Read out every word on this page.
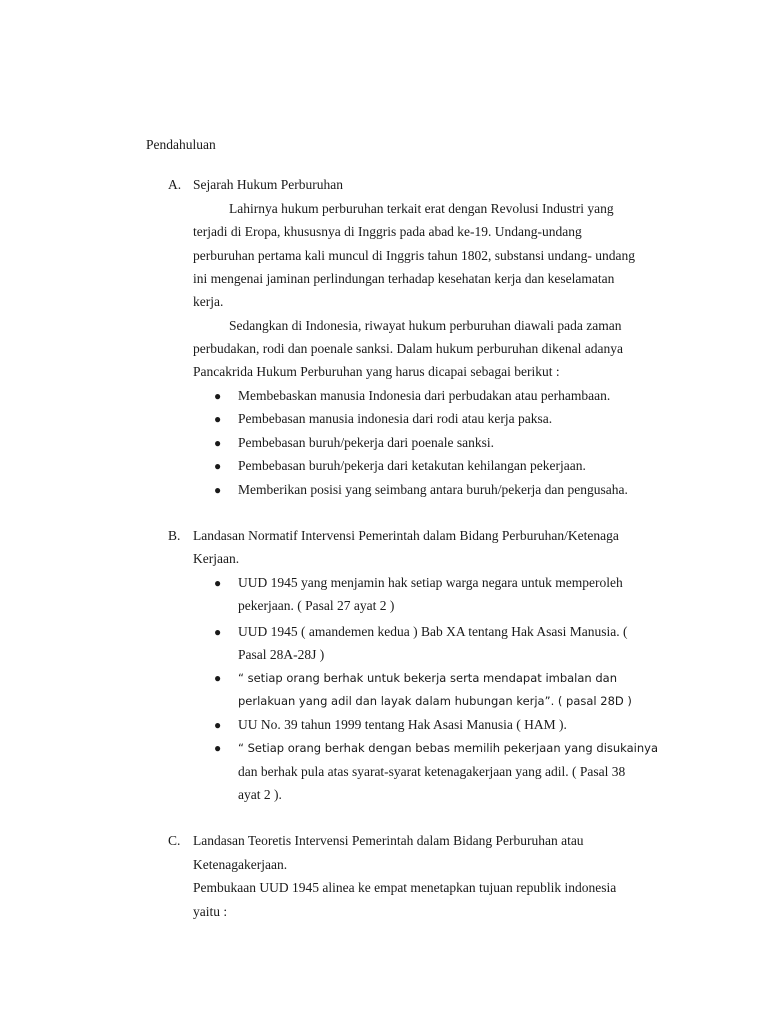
Pendahuluan
A. Sejarah Hukum Perburuhan
Lahirnya hukum perburuhan terkait erat dengan Revolusi Industri yang
terjadi di Eropa, khususnya di Inggris pada abad ke-19. Undang-undang
perburuhan pertama kali muncul di Inggris tahun 1802, substansi undang- undang
ini mengenai jaminan perlindungan terhadap kesehatan kerja dan keselamatan
kerja.
Sedangkan di Indonesia, riwayat hukum perburuhan diawali pada zaman
perbudakan, rodi dan poenale sanksi. Dalam hukum perburuhan dikenal adanya
Pancakrida Hukum Perburuhan yang harus dicapai sebagai berikut :
● Membebaskan manusia Indonesia dari perbudakan atau perhambaan.
● Pembebasan manusia indonesia dari rodi atau kerja paksa.
● Pembebasan buruh/pekerja dari poenale sanksi.
● Pembebasan buruh/pekerja dari ketakutan kehilangan pekerjaan.
● Memberikan posisi yang seimbang antara buruh/pekerja dan pengusaha.
B. Landasan Normatif Intervensi Pemerintah dalam Bidang Perburuhan/Ketenaga
Kerjaan.
● UUD 1945 yang menjamin hak setiap warga negara untuk memperoleh
pekerjaan. ( Pasal 27 ayat 2 )
● UUD 1945 ( amandemen kedua ) Bab XA tentang Hak Asasi Manusia. (
Pasal 28A-28J )
● “ setiap orang berhak untuk bekerja serta mendapat imbalan dan
perlakuan yang adil dan layak dalam hubungan kerja”. ( pasal 28D )
● UU No. 39 tahun 1999 tentang Hak Asasi Manusia ( HAM ).
● “ Setiap orang berhak dengan bebas memilih pekerjaan yang disukainya
dan berhak pula atas syarat-syarat ketenagakerjaan yang adil. ( Pasal 38
ayat 2 ).
C. Landasan Teoretis Intervensi Pemerintah dalam Bidang Perburuhan atau
Ketenagakerjaan.
Pembukaan UUD 1945 alinea ke empat menetapkan tujuan republik indonesia
yaitu :
